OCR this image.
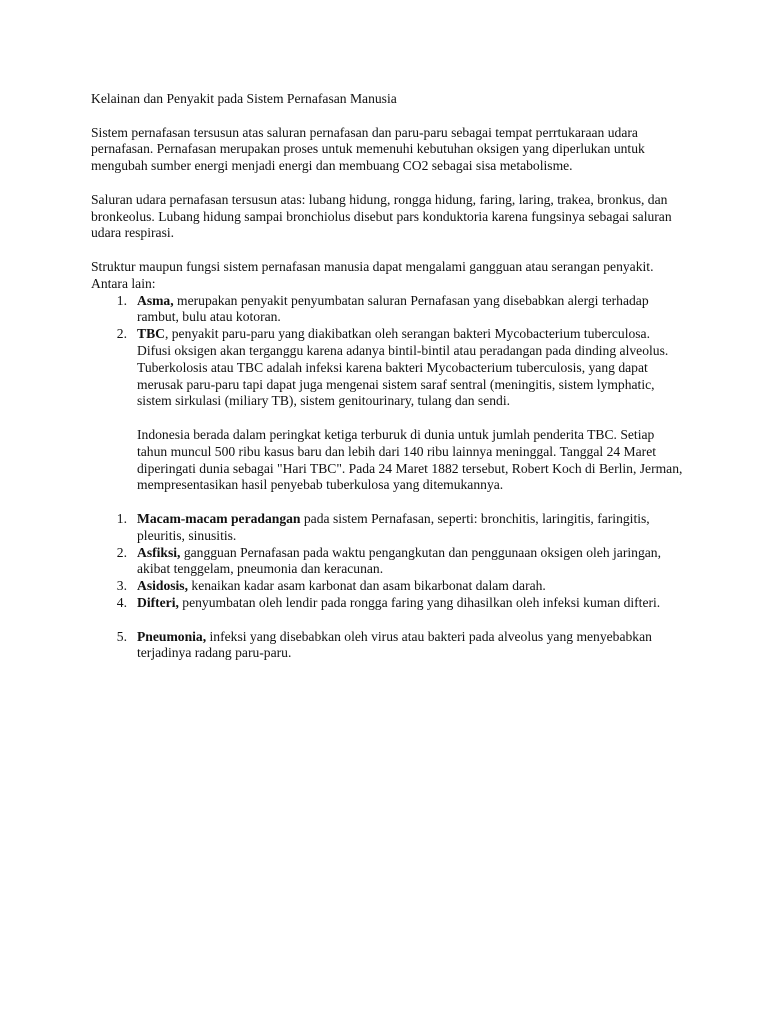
Kelainan dan Penyakit pada Sistem Pernafasan Manusia

Sistem pernafasan tersusun atas saluran pernafasan dan paru-paru sebagai tempat perrtukaraan udara pernafasan. Pernafasan merupakan proses untuk memenuhi kebutuhan oksigen yang diperlukan untuk mengubah sumber energi menjadi energi dan membuang CO2 sebagai sisa metabolisme.

Saluran udara pernafasan tersusun atas: lubang hidung, rongga hidung, faring, laring, trakea, bronkus, dan bronkeolus. Lubang hidung sampai bronchiolus disebut pars konduktoria karena fungsinya sebagai saluran udara respirasi.

Struktur maupun fungsi sistem pernafasan manusia dapat mengalami gangguan atau serangan penyakit. Antara lain:

1. Asma, merupakan penyakit penyumbatan saluran Pernafasan yang disebabkan alergi terhadap rambut, bulu atau kotoran.
2. TBC, penyakit paru-paru yang diakibatkan oleh serangan bakteri Mycobacterium tuberculosa. Difusi oksigen akan terganggu karena adanya bintil-bintil atau peradangan pada dinding alveolus. Tuberkolosis atau TBC adalah infeksi karena bakteri Mycobacterium tuberculosis, yang dapat merusak paru-paru tapi dapat juga mengenai sistem saraf sentral (meningitis, sistem lymphatic, sistem sirkulasi (miliary TB), sistem genitourinary, tulang dan sendi.

Indonesia berada dalam peringkat ketiga terburuk di dunia untuk jumlah penderita TBC. Setiap tahun muncul 500 ribu kasus baru dan lebih dari 140 ribu lainnya meninggal. Tanggal 24 Maret diperingati dunia sebagai "Hari TBC". Pada 24 Maret 1882 tersebut, Robert Koch di Berlin, Jerman, mempresentasikan hasil penyebab tuberkulosa yang ditemukannya.

1. Macam-macam peradangan pada sistem Pernafasan, seperti: bronchitis, laringitis, faringitis, pleuritis, sinusitis.
2. Asfiksi, gangguan Pernafasan pada waktu pengangkutan dan penggunaan oksigen oleh jaringan, akibat tenggelam, pneumonia dan keracunan.
3. Asidosis, kenaikan kadar asam karbonat dan asam bikarbonat dalam darah.
4. Difteri, penyumbatan oleh lendir pada rongga faring yang dihasilkan oleh infeksi kuman difteri.
5. Pneumonia, infeksi yang disebabkan oleh virus atau bakteri pada alveolus yang menyebabkan terjadinya radang paru-paru.
